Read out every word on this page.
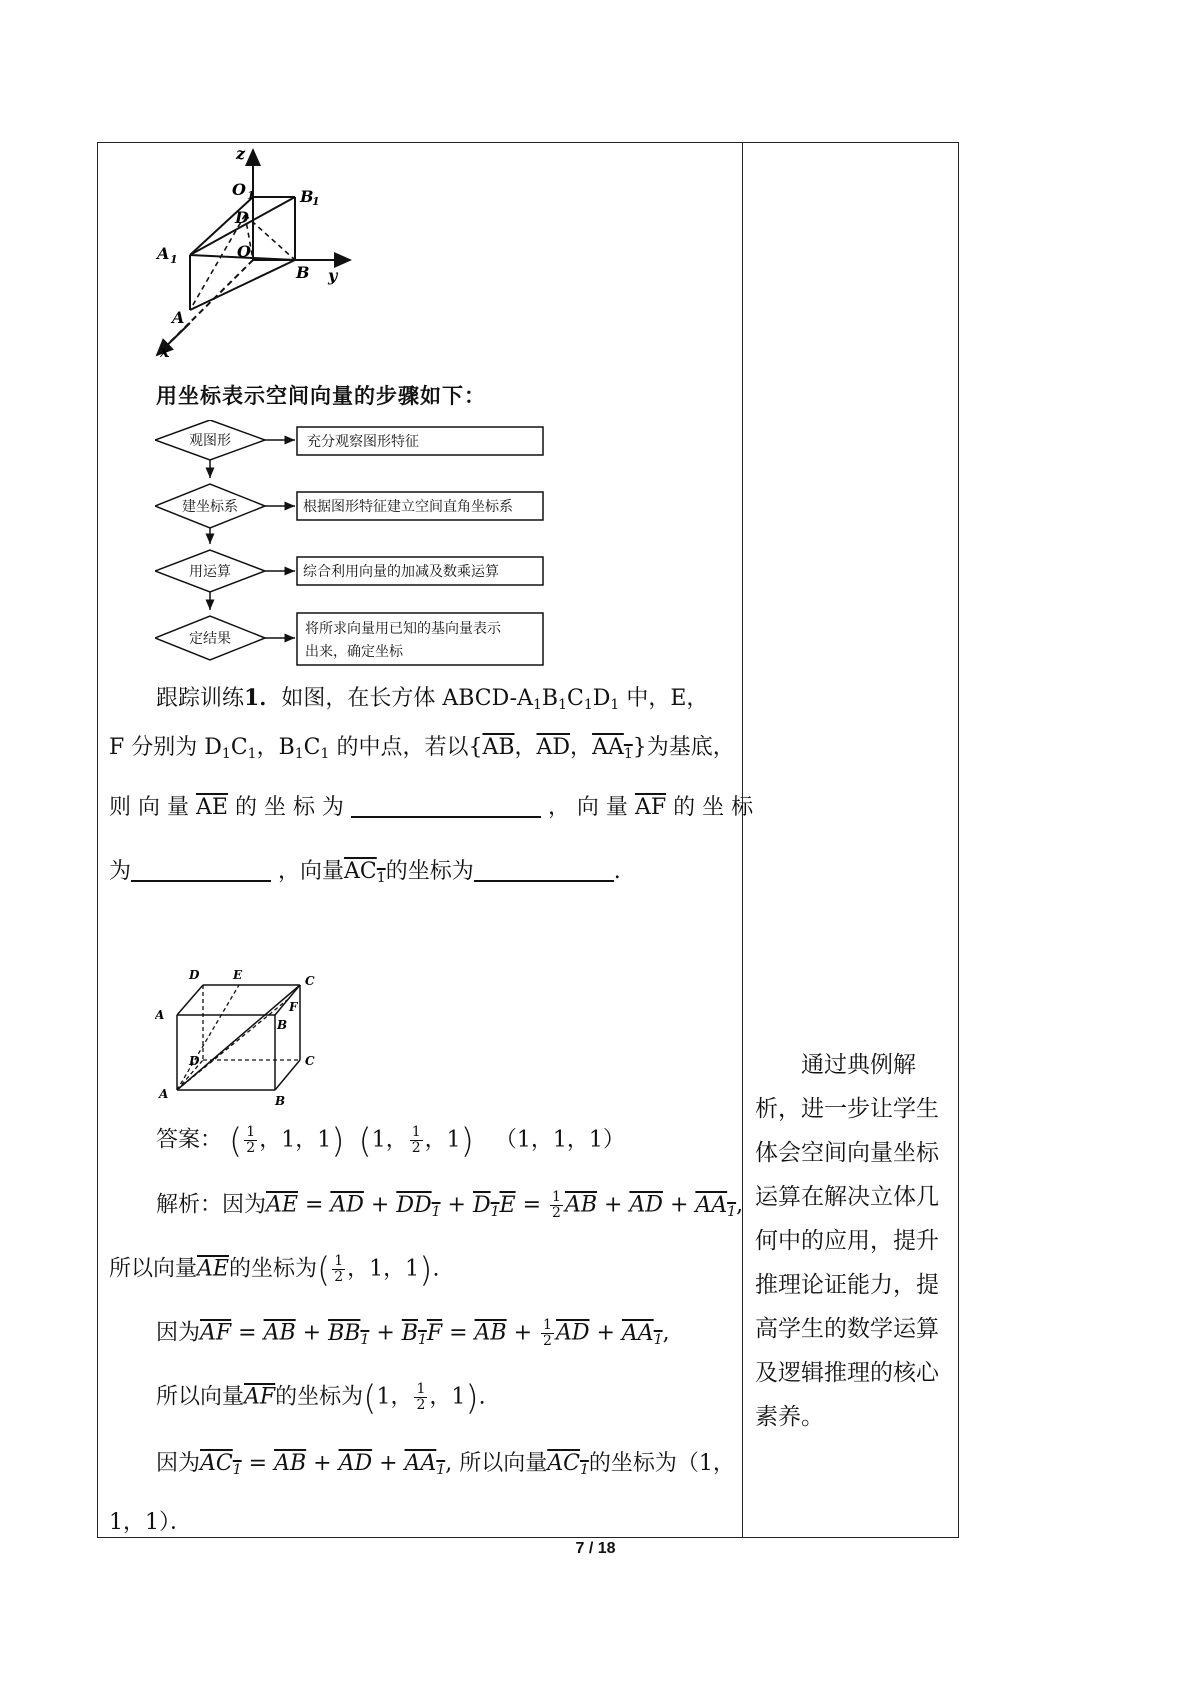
z
y
x
O 1	B
1
D
A 1	O
B
A
用坐标表示空间向量的步骤如下：
观图形	充分观察图形特征
建坐标系	根据图形特征建立空间直角坐标系
用运算	综合利用向量的加减及数乘运算
定结果
将所求向量用已知的基向量表示
出来，确定坐标
跟踪训练1．如图，在长方体 ABCD-$A_1B_1C_1D_1$ 中，E，
F 分别为 $D_1C_1$，$B_1C_1$ 的中点，若以{$\overline{AB}$，$\overline{AD}$，$AA_1$}为基底，
则 向 量 $\overline{AE}$ 的 坐 标 为	， 向 量 $\overline{AF}$ 的 坐 标
为	，向量$AC_1$的坐标为	.
D	E	C
A
B
F
D	C
A	B
答案： ( $\frac{1}{2}$ ，1，1) (1， $\frac{1}{2}$ ，1) （1，1，1）
解析：因为$\overline{AE} = \overline{AD} + DD_1 + D_1E = \frac{1}{2} \overline{AB} + \overline{AD} + AA_1$,
所以向量$\overline{AE}$的坐标为( $\frac{1}{2}$ ，1，1).
因为$\overline{AF} = \overline{AB} + BB_1 + B_1F = \overline{AB} + \frac{1}{2} \overline{AD} + AA_1$,
所以向量$\overline{AF}$的坐标为(1， $\frac{1}{2}$ ，1).
因为$AC_1 = \overline{AB} + \overline{AD} + AA_1$, 所以向量$AC_1$的坐标为（1，
1，1）．
通过典例解析，进一步让学生体会空间向量坐标运算在解决立体几何中的应用，提升推理论证能力，提高学生的数学运算及逻辑推理的核心素养。
7 / 18
